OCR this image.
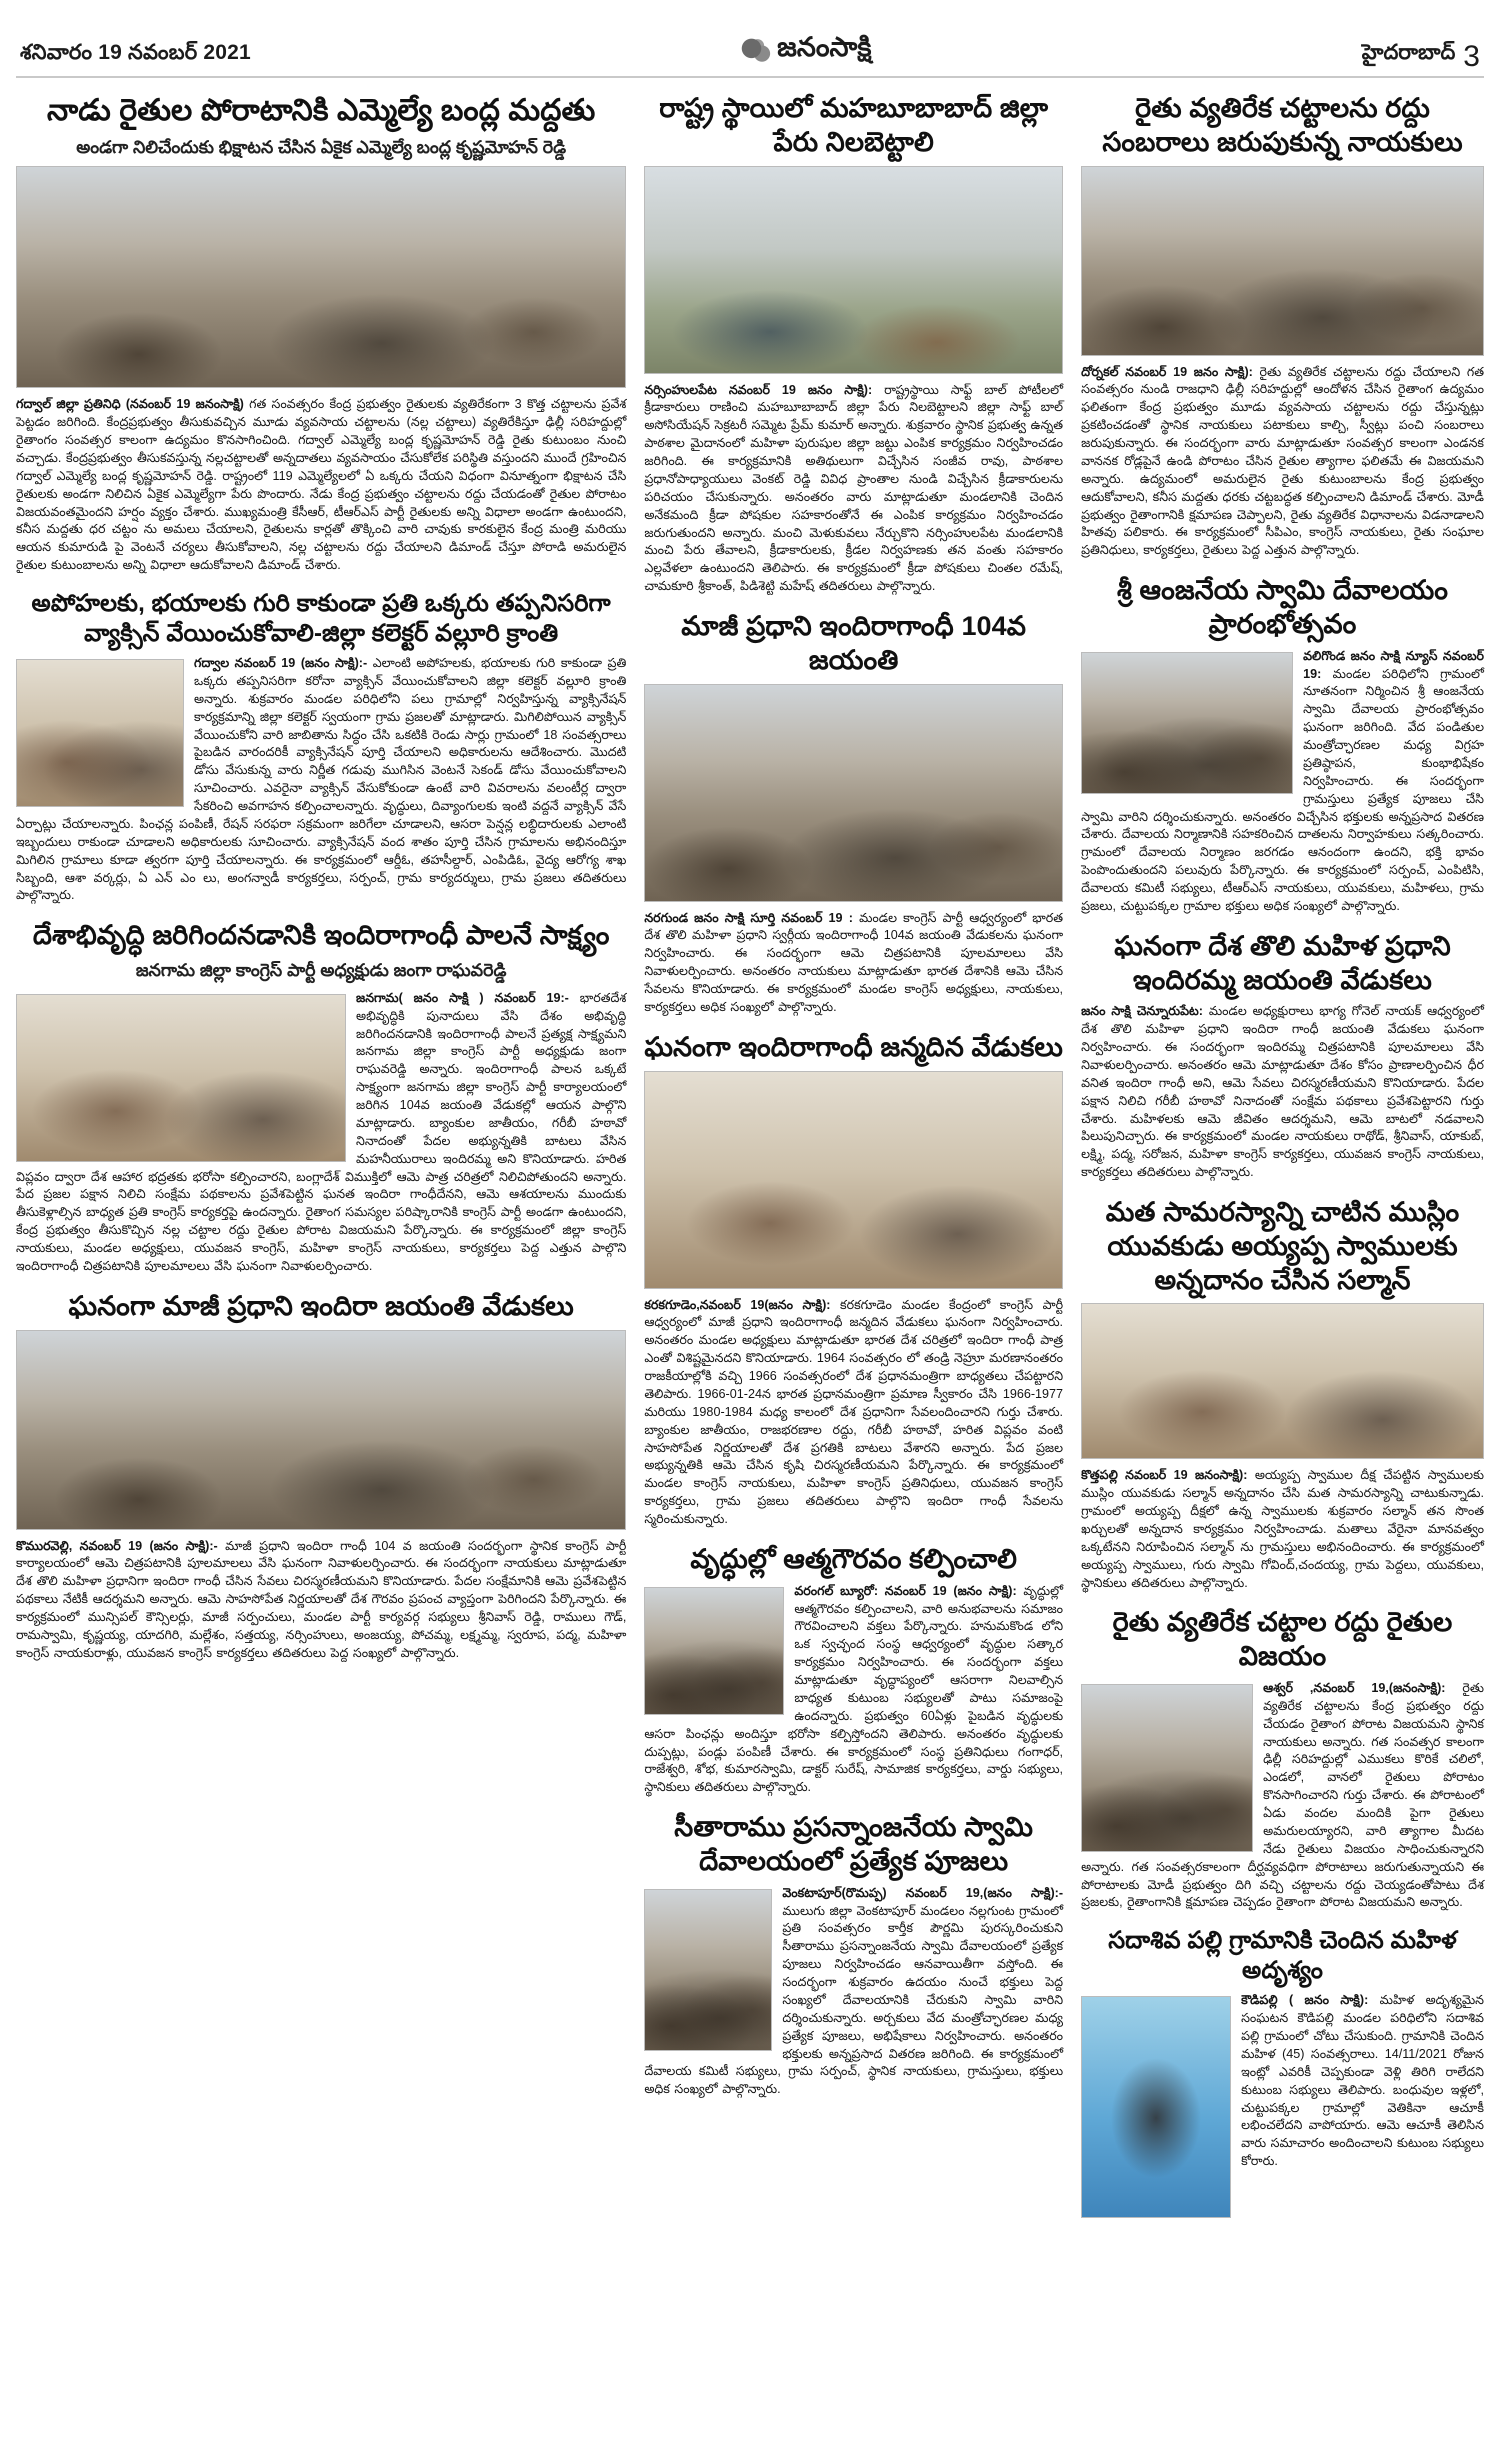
శనివారం 19 నవంబర్ 2021	జనంసాక్షి	హైదరాబాద్ 3
నాడు రైతుల పోరాటానికి ఎమ్మెల్యే బంద్ల మద్దతు
అండగా నిలిచేందుకు భిక్షాటన చేసిన ఏకైక ఎమ్మెల్యే బంద్ల కృష్ణమోహన్ రెడ్డి

గద్వాల్ జిల్లా ప్రతినిధి (నవంబర్ 19 జనంసాక్షి) గత సంవత్సరం కేంద్ర ప్రభుత్వం రైతులకు వ్యతిరేకంగా 3 కొత్త చట్టాలను ప్రవేశ పెట్టడం జరిగింది. కేంద్రప్రభుత్వం తీసుకువచ్చిన మూడు వ్యవసాయ చట్టాలను (నల్ల చట్టాలు) వ్యతిరేకిస్తూ ఢిల్లీ సరిహద్దుల్లో రైతాంగం సంవత్సర కాలంగా ఉద్యమం కొనసాగించింది. గద్వాల్ ఎమ్మెల్యే బంద్ల కృష్ణమోహన్ రెడ్డి రైతు కుటుంబం నుంచి వచ్చాడు. కేంద్రప్రభుత్వం తీసుకవస్తున్న నల్లచట్టాలతో అన్నదాతలు వ్యవసాయం చేసుకోలేక పరిస్థితి వస్తుందని ముందే గ్రహించిన గద్వాల్ ఎమ్మెల్యే బంద్ల కృష్ణమోహన్ రెడ్డి. రాష్ట్రంలో 119 ఎమ్మెల్యేలలో ఏ ఒక్కరు చేయని విధంగా వినూత్నంగా భిక్షాటన చేసి రైతులకు అండగా నిలిచిన ఏకైక ఎమ్మెల్యేగా పేరు పొందారు. నేడు కేంద్ర ప్రభుత్వం చట్టాలను రద్దు చేయడంతో రైతుల పోరాటం విజయవంతమైందని హర్షం వ్యక్తం చేశారు. ముఖ్యమంత్రి కేసీఆర్, టీఆర్ఎస్ పార్టీ రైతులకు అన్ని విధాలా అండగా ఉంటుందని, కనీస మద్దతు ధర చట్టం ను అమలు చేయాలని, రైతులను కార్లతో తొక్కించి వారి చావుకు కారకులైన కేంద్ర మంత్రి మరియు ఆయన కుమారుడి పై వెంటనే చర్యలు తీసుకోవాలని, నల్ల చట్టాలను రద్దు చేయాలని డిమాండ్ చేస్తూ పోరాడి అమరులైన రైతుల కుటుంబాలను అన్ని విధాలా ఆదుకోవాలని డిమాండ్ చేశారు.

అపోహలకు, భయాలకు గురి కాకుండా ప్రతి ఒక్కరు తప్పనిసరిగా వ్యాక్సిన్ వేయించుకోవాలి-జిల్లా కలెక్టర్ వల్లూరి క్రాంతి
గద్వాల నవంబర్ 19 (జనం సాక్షి):- ఎలాంటి అపోహలకు, భయాలకు గురి కాకుండా ప్రతి ఒక్కరు తప్పనిసరిగా కరోనా వ్యాక్సిన్ వేయించుకోవాలని జిల్లా కలెక్టర్ వల్లూరి క్రాంతి అన్నారు. శుక్రవారం మండల పరిధిలోని పలు గ్రామాల్లో నిర్వహిస్తున్న వ్యాక్సినేషన్ కార్యక్రమాన్ని జిల్లా కలెక్టర్ స్వయంగా గ్రామ ప్రజలతో మాట్లాడారు. మిగిలిపోయిన వ్యాక్సిన్ వేయించుకోని వారి జాబితాను సిద్ధం చేసి ఒకటికి రెండు సార్లు గ్రామంలో 18 సంవత్సరాలు పైబడిన వారందరికీ వ్యాక్సినేషన్ పూర్తి చేయాలని అధికారులను ఆదేశించారు. మొదటి డోసు వేసుకున్న వారు నిర్ణీత గడువు ముగిసిన వెంటనే సెకండ్ డోసు వేయించుకోవాలని సూచించారు. ఎవరైనా వ్యాక్సిన్ వేసుకోకుండా ఉంటే వారి వివరాలను వలంటీర్ల ద్వారా సేకరించి అవగాహన కల్పించాలన్నారు. వృద్ధులు, దివ్యాంగులకు ఇంటి వద్దనే వ్యాక్సిన్ వేసే ఏర్పాట్లు చేయాలన్నారు. పింఛన్ల పంపిణీ, రేషన్ సరఫరా సక్రమంగా జరిగేలా చూడాలని, ఆసరా పెన్షన్ల లబ్ధిదారులకు ఎలాంటి ఇబ్బందులు రాకుండా చూడాలని అధికారులకు సూచించారు. వ్యాక్సినేషన్ వంద శాతం పూర్తి చేసిన గ్రామాలను అభినందిస్తూ మిగిలిన గ్రామాలు కూడా త్వరగా పూర్తి చేయాలన్నారు. ఈ కార్యక్రమంలో ఆర్డీఓ, తహసీల్దార్, ఎంపిడిఓ, వైద్య ఆరోగ్య శాఖ సిబ్బంది, ఆశా వర్కర్లు, ఏ ఎన్ ఎం లు, అంగన్వాడీ కార్యకర్తలు, సర్పంచ్, గ్రామ కార్యదర్శులు, గ్రామ ప్రజలు తదితరులు పాల్గొన్నారు.
దేశాభివృద్ధి జరిగిందనడానికి ఇందిరాగాంధీ పాలనే సాక్ష్యం
జనగామ జిల్లా కాంగ్రెస్ పార్టీ అధ్యక్షుడు జంగా రాఘవరెడ్డి
జనగామ( జనం సాక్షి ) నవంబర్ 19:- భారతదేశ అభివృద్ధికి పునాదులు వేసి దేశం అభివృద్ధి జరిగిందనడానికి ఇందిరాగాంధీ పాలనే ప్రత్యక్ష సాక్ష్యమని జనగామ జిల్లా కాంగ్రెస్ పార్టీ అధ్యక్షుడు జంగా రాఘవరెడ్డి అన్నారు. ఇందిరాగాంధీ పాలన ఒక్కటే సాక్ష్యంగా జనగామ జిల్లా కాంగ్రెస్ పార్టీ కార్యాలయంలో జరిగిన 104వ జయంతి వేడుకల్లో ఆయన పాల్గొని మాట్లాడారు. బ్యాంకుల జాతీయం, గరీబీ హఠావో నినాదంతో పేదల అభ్యున్నతికి బాటలు వేసిన మహనీయురాలు ఇందిరమ్మ అని కొనియాడారు. హరిత విప్లవం ద్వారా దేశ ఆహార భద్రతకు భరోసా కల్పించారని, బంగ్లాదేశ్ విముక్తిలో ఆమె పాత్ర చరిత్రలో నిలిచిపోతుందని అన్నారు. పేద ప్రజల పక్షాన నిలిచి సంక్షేమ పథకాలను ప్రవేశపెట్టిన ఘనత ఇందిరా గాంధీదేనని, ఆమె ఆశయాలను ముందుకు తీసుకెళ్లాల్సిన బాధ్యత ప్రతి కాంగ్రెస్ కార్యకర్తపై ఉందన్నారు. రైతాంగ సమస్యల పరిష్కారానికి కాంగ్రెస్ పార్టీ అండగా ఉంటుందని, కేంద్ర ప్రభుత్వం తీసుకొచ్చిన నల్ల చట్టాల రద్దు రైతుల పోరాట విజయమని పేర్కొన్నారు. ఈ కార్యక్రమంలో జిల్లా కాంగ్రెస్ నాయకులు, మండల అధ్యక్షులు, యువజన కాంగ్రెస్, మహిళా కాంగ్రెస్ నాయకులు, కార్యకర్తలు పెద్ద ఎత్తున పాల్గొని ఇందిరాగాంధీ చిత్రపటానికి పూలమాలలు వేసి ఘనంగా నివాళులర్పించారు.
ఘనంగా మాజీ ప్రధాని ఇందిరా జయంతి వేడుకలు

కొమురవెల్లి, నవంబర్ 19 (జనం సాక్షి):- మాజీ ప్రధాని ఇందిరా గాంధీ 104 వ జయంతి సందర్భంగా స్థానిక కాంగ్రెస్ పార్టీ కార్యాలయంలో ఆమె చిత్రపటానికి పూలమాలలు వేసి ఘనంగా నివాళులర్పించారు. ఈ సందర్భంగా నాయకులు మాట్లాడుతూ దేశ తొలి మహిళా ప్రధానిగా ఇందిరా గాంధీ చేసిన సేవలు చిరస్మరణీయమని కొనియాడారు. పేదల సంక్షేమానికి ఆమె ప్రవేశపెట్టిన పథకాలు నేటికీ ఆదర్శమని అన్నారు. ఆమె సాహసోపేత నిర్ణయాలతో దేశ గౌరవం ప్రపంచ వ్యాప్తంగా పెరిగిందని పేర్కొన్నారు. ఈ కార్యక్రమంలో మున్సిపల్ కౌన్సిలర్లు, మాజీ సర్పంచులు, మండల పార్టీ కార్యవర్గ సభ్యులు శ్రీనివాస్ రెడ్డి, రాములు గౌడ్, రామస్వామి, కృష్ణయ్య, యాదగిరి, మల్లేశం, సత్తయ్య, నర్సింహులు, అంజయ్య, పోచమ్మ, లక్ష్మమ్మ, స్వరూప, పద్మ, మహిళా కాంగ్రెస్ నాయకురాళ్లు, యువజన కాంగ్రెస్ కార్యకర్తలు తదితరులు పెద్ద సంఖ్యలో పాల్గొన్నారు.

రాష్ట్ర స్థాయిలో మహబూబాబాద్ జిల్లా పేరు నిలబెట్టాలి

నర్సింహులపేట నవంబర్ 19 జనం సాక్షి): రాష్ట్రస్థాయి సాఫ్ట్ బాల్ పోటీలలో క్రీడాకారులు రాణించి మహబూబాబాద్ జిల్లా పేరు నిలబెట్టాలని జిల్లా సాఫ్ట్ బాల్ అసోసియేషన్ సెక్రటరీ సమ్మెట ప్రేమ్ కుమార్ అన్నారు. శుక్రవారం స్థానిక ప్రభుత్వ ఉన్నత పాఠశాల మైదానంలో మహిళా పురుషుల జిల్లా జట్టు ఎంపిక కార్యక్రమం నిర్వహించడం జరిగింది. ఈ కార్యక్రమానికి అతిథులుగా విచ్చేసిన సంజీవ రావు, పాఠశాల ప్రధానోపాధ్యాయులు వెంకట్ రెడ్డి వివిధ ప్రాంతాల నుండి విచ్చేసిన క్రీడాకారులను పరిచయం చేసుకున్నారు. అనంతరం వారు మాట్లాడుతూ మండలానికి చెందిన అనేకమంది క్రీడా పోషకుల సహకారంతోనే ఈ ఎంపిక కార్యక్రమం నిర్వహించడం జరుగుతుందని అన్నారు. మంచి మెళుకువలు నేర్చుకొని నర్సింహులపేట మండలానికి మంచి పేరు తేవాలని, క్రీడాకారులకు, క్రీడల నిర్వహణకు తన వంతు సహకారం ఎల్లవేళలా ఉంటుందని తెలిపారు. ఈ కార్యక్రమంలో క్రీడా పోషకులు చింతల రమేష్, చామకూరి శ్రీకాంత్, పిడిశెట్టి మహేష్ తదితరులు పాల్గొన్నారు.

మాజీ ప్రధాని ఇందిరాగాంధీ 104వ జయంతి

నరగుండ జనం సాక్షి సూర్తి నవంబర్ 19 : మండల కాంగ్రెస్ పార్టీ ఆధ్వర్యంలో భారత దేశ తొలి మహిళా ప్రధాని స్వర్గీయ ఇందిరాగాంధీ 104వ జయంతి వేడుకలను ఘనంగా నిర్వహించారు. ఈ సందర్భంగా ఆమె చిత్రపటానికి పూలమాలలు వేసి నివాళులర్పించారు. అనంతరం నాయకులు మాట్లాడుతూ భారత దేశానికి ఆమె చేసిన సేవలను కొనియాడారు. ఈ కార్యక్రమంలో మండల కాంగ్రెస్ అధ్యక్షులు, నాయకులు, కార్యకర్తలు అధిక సంఖ్యలో పాల్గొన్నారు.

ఘనంగా ఇందిరాగాంధీ జన్మదిన వేడుకలు

కరకగూడెం,నవంబర్ 19(జనం సాక్షి): కరకగూడెం మండల కేంద్రంలో కాంగ్రెస్ పార్టీ ఆధ్వర్యంలో మాజీ ప్రధాని ఇందిరాగాంధీ జన్మదిన వేడుకలు ఘనంగా నిర్వహించారు. అనంతరం మండల అధ్యక్షులు మాట్లాడుతూ భారత దేశ చరిత్రలో ఇందిరా గాంధీ పాత్ర ఎంతో విశిష్టమైనదని కొనియాడారు. 1964 సంవత్సరం లో తండ్రి నెహ్రూ మరణానంతరం రాజకీయాల్లోకి వచ్చి 1966 సంవత్సరంలో దేశ ప్రధానమంత్రిగా బాధ్యతలు చేపట్టారని తెలిపారు. 1966-01-24న భారత ప్రధానమంత్రిగా ప్రమాణ స్వీకారం చేసి 1966-1977 మరియు 1980-1984 మధ్య కాలంలో దేశ ప్రధానిగా సేవలందించారని గుర్తు చేశారు. బ్యాంకుల జాతీయం, రాజభరణాల రద్దు, గరీబీ హఠావో, హరిత విప్లవం వంటి సాహసోపేత నిర్ణయాలతో దేశ ప్రగతికి బాటలు వేశారని అన్నారు. పేద ప్రజల అభ్యున్నతికి ఆమె చేసిన కృషి చిరస్మరణీయమని పేర్కొన్నారు. ఈ కార్యక్రమంలో మండల కాంగ్రెస్ నాయకులు, మహిళా కాంగ్రెస్ ప్రతినిధులు, యువజన కాంగ్రెస్ కార్యకర్తలు, గ్రామ ప్రజలు తదితరులు పాల్గొని ఇందిరా గాంధీ సేవలను స్మరించుకున్నారు.

వృద్ధుల్లో ఆత్మగౌరవం కల్పించాలి
వరంగల్ బ్యూరో: నవంబర్ 19 (జనం సాక్షి): వృద్ధుల్లో ఆత్మగౌరవం కల్పించాలని, వారి అనుభవాలను సమాజం గౌరవించాలని వక్తలు పేర్కొన్నారు. హనుమకొండ లోని ఒక స్వచ్ఛంద సంస్థ ఆధ్వర్యంలో వృద్ధుల సత్కార కార్యక్రమం నిర్వహించారు. ఈ సందర్భంగా వక్తలు మాట్లాడుతూ వృద్ధాప్యంలో ఆసరాగా నిలవాల్సిన బాధ్యత కుటుంబ సభ్యులతో పాటు సమాజంపై ఉందన్నారు. ప్రభుత్వం 60ఏళ్లు పైబడిన వృద్ధులకు ఆసరా పింఛన్లు అందిస్తూ భరోసా కల్పిస్తోందని తెలిపారు. అనంతరం వృద్ధులకు దుప్పట్లు, పండ్లు పంపిణీ చేశారు. ఈ కార్యక్రమంలో సంస్థ ప్రతినిధులు గంగాధర్, రాజేశ్వరి, శోభ, కుమారస్వామి, డాక్టర్ సురేష్, సామాజిక కార్యకర్తలు, వార్డు సభ్యులు, స్థానికులు తదితరులు పాల్గొన్నారు.
సీతారాము ప్రసన్నాంజనేయ స్వామి దేవాలయంలో ప్రత్యేక పూజలు
వెంకటాపూర్(రొమప్ప) నవంబర్ 19,(జనం సాక్షి):- ములుగు జిల్లా వెంకటాపూర్ మండలం నల్లగుంట గ్రామంలో ప్రతి సంవత్సరం కార్తీక పౌర్ణమి పురస్కరించుకుని సీతారాము ప్రసన్నాంజనేయ స్వామి దేవాలయంలో ప్రత్యేక పూజలు నిర్వహించడం ఆనవాయితీగా వస్తోంది. ఈ సందర్భంగా శుక్రవారం ఉదయం నుంచే భక్తులు పెద్ద సంఖ్యలో దేవాలయానికి చేరుకుని స్వామి వారిని దర్శించుకున్నారు. అర్చకులు వేద మంత్రోచ్ఛారణల మధ్య ప్రత్యేక పూజలు, అభిషేకాలు నిర్వహించారు. అనంతరం భక్తులకు అన్నప్రసాద వితరణ జరిగింది. ఈ కార్యక్రమంలో దేవాలయ కమిటీ సభ్యులు, గ్రామ సర్పంచ్, స్థానిక నాయకులు, గ్రామస్తులు, భక్తులు అధిక సంఖ్యలో పాల్గొన్నారు.
రైతు వ్యతిరేక చట్టాలను రద్దు సంబరాలు జరుపుకున్న నాయకులు

దోర్నకల్ నవంబర్ 19 జనం సాక్షి): రైతు వ్యతిరేక చట్టాలను రద్దు చేయాలని గత సంవత్సరం నుండి రాజధాని ఢిల్లీ సరిహద్దుల్లో ఆందోళన చేసిన రైతాంగ ఉద్యమం ఫలితంగా కేంద్ర ప్రభుత్వం మూడు వ్యవసాయ చట్టాలను రద్దు చేస్తున్నట్లు ప్రకటించడంతో స్థానిక నాయకులు పటాకులు కాల్చి, స్వీట్లు పంచి సంబరాలు జరుపుకున్నారు. ఈ సందర్భంగా వారు మాట్లాడుతూ సంవత్సర కాలంగా ఎండనక వాననక రోడ్లపైనే ఉండి పోరాటం చేసిన రైతుల త్యాగాల ఫలితమే ఈ విజయమని అన్నారు. ఉద్యమంలో అమరులైన రైతు కుటుంబాలను కేంద్ర ప్రభుత్వం ఆదుకోవాలని, కనీస మద్దతు ధరకు చట్టబద్ధత కల్పించాలని డిమాండ్ చేశారు. మోడీ ప్రభుత్వం రైతాంగానికి క్షమాపణ చెప్పాలని, రైతు వ్యతిరేక విధానాలను విడనాడాలని హితవు పలికారు. ఈ కార్యక్రమంలో సీపిఎం, కాంగ్రెస్ నాయకులు, రైతు సంఘాల ప్రతినిధులు, కార్యకర్తలు, రైతులు పెద్ద ఎత్తున పాల్గొన్నారు.

శ్రీ ఆంజనేయ స్వామి దేవాలయం ప్రారంభోత్సవం
వలిగొండ జనం సాక్షి న్యూస్ నవంబర్ 19: మండల పరిధిలోని గ్రామంలో నూతనంగా నిర్మించిన శ్రీ ఆంజనేయ స్వామి దేవాలయ ప్రారంభోత్సవం ఘనంగా జరిగింది. వేద పండితుల మంత్రోచ్ఛారణల మధ్య విగ్రహ ప్రతిష్ఠాపన, కుంభాభిషేకం నిర్వహించారు. ఈ సందర్భంగా గ్రామస్తులు ప్రత్యేక పూజలు చేసి స్వామి వారిని దర్శించుకున్నారు. అనంతరం విచ్చేసిన భక్తులకు అన్నప్రసాద వితరణ చేశారు. దేవాలయ నిర్మాణానికి సహకరించిన దాతలను నిర్వాహకులు సత్కరించారు. గ్రామంలో దేవాలయ నిర్మాణం జరగడం ఆనందంగా ఉందని, భక్తి భావం పెంపొందుతుందని పలువురు పేర్కొన్నారు. ఈ కార్యక్రమంలో సర్పంచ్, ఎంపిటిసి, దేవాలయ కమిటీ సభ్యులు, టీఆర్ఎస్ నాయకులు, యువకులు, మహిళలు, గ్రామ ప్రజలు, చుట్టుపక్కల గ్రామాల భక్తులు అధిక సంఖ్యలో పాల్గొన్నారు.
ఘనంగా దేశ తొలి మహిళ ప్రధాని ఇందిరమ్మ జయంతి వేడుకలు

జనం సాక్షి చెన్నూరుపేట: మండల అధ్యక్షురాలు భాగ్య గోనెల్ నాయక్ ఆధ్వర్యంలో దేశ తొలి మహిళా ప్రధాని ఇందిరా గాంధీ జయంతి వేడుకలు ఘనంగా నిర్వహించారు. ఈ సందర్భంగా ఇందిరమ్మ చిత్రపటానికి పూలమాలలు వేసి నివాళులర్పించారు. అనంతరం ఆమె మాట్లాడుతూ దేశం కోసం ప్రాణాలర్పించిన ధీర వనిత ఇందిరా గాంధీ అని, ఆమె సేవలు చిరస్మరణీయమని కొనియాడారు. పేదల పక్షాన నిలిచి గరీబీ హఠావో నినాదంతో సంక్షేమ పథకాలు ప్రవేశపెట్టారని గుర్తు చేశారు. మహిళలకు ఆమె జీవితం ఆదర్శమని, ఆమె బాటలో నడవాలని పిలుపునిచ్చారు. ఈ కార్యక్రమంలో మండల నాయకులు రాథోడ్, శ్రీనివాస్, యాకుబ్, లక్ష్మి, పద్మ, సరోజన, మహిళా కాంగ్రెస్ కార్యకర్తలు, యువజన కాంగ్రెస్ నాయకులు, కార్యకర్తలు తదితరులు పాల్గొన్నారు.

మత సామరస్యాన్ని చాటిన ముస్లిం యువకుడు అయ్యప్ప స్వాములకు అన్నదానం చేసిన సల్మాన్

కొత్తపల్లి నవంబర్ 19 జనంసాక్షి): అయ్యప్ప స్వాముల దీక్ష చేపట్టిన స్వాములకు ముస్లిం యువకుడు సల్మాన్ అన్నదానం చేసి మత సామరస్యాన్ని చాటుకున్నాడు. గ్రామంలో అయ్యప్ప దీక్షలో ఉన్న స్వాములకు శుక్రవారం సల్మాన్ తన సొంత ఖర్చులతో అన్నదాన కార్యక్రమం నిర్వహించాడు. మతాలు వేరైనా మానవత్వం ఒక్కటేనని నిరూపించిన సల్మాన్ ను గ్రామస్తులు అభినందించారు. ఈ కార్యక్రమంలో అయ్యప్ప స్వాములు, గురు స్వామి గోవింద్,చందయ్య, గ్రామ పెద్దలు, యువకులు, స్థానికులు తదితరులు పాల్గొన్నారు.

రైతు వ్యతిరేక చట్టాల రద్దు రైతుల విజయం
ఆశ్వర్ ,నవంబర్ 19,(జనంసాక్షి): రైతు వ్యతిరేక చట్టాలను కేంద్ర ప్రభుత్వం రద్దు చేయడం రైతాంగ పోరాట విజయమని స్థానిక నాయకులు అన్నారు. గత సంవత్సర కాలంగా ఢిల్లీ సరిహద్దుల్లో ఎముకలు కొరికే చలిలో, ఎండలో, వానలో రైతులు పోరాటం కొనసాగించారని గుర్తు చేశారు. ఈ పోరాటంలో ఏడు వందల మందికి పైగా రైతులు అమరులయ్యారని, వారి త్యాగాల మీదట నేడు రైతులు విజయం సాధించుకున్నారని అన్నారు. గత సంవత్సరకాలంగా దీర్ఘవ్యవధిగా పోరాటాలు జరుగుతున్నాయని ఈ పోరాటాలకు మోడీ ప్రభుత్వం దిగి వచ్చి చట్టాలను రద్దు చెయ్యడంతోపాటు దేశ ప్రజలకు, రైతాంగానికి క్షమాపణ చెప్పడం రైతాంగా పోరాట విజయమని అన్నారు.
సదాశివ పల్లి గ్రామానికి చెందిన మహిళ అదృశ్యం
కౌడిపల్లి ( జనం సాక్షి): మహిళ అదృశ్యమైన సంఘటన కౌడిపల్లి మండల పరిధిలోని సదాశివ పల్లి గ్రామంలో చోటు చేసుకుంది. గ్రామానికి చెందిన మహిళ (45) సంవత్సరాలు. 14/11/2021 రోజున ఇంట్లో ఎవరికీ చెప్పకుండా వెళ్లి తిరిగి రాలేదని కుటుంబ సభ్యులు తెలిపారు. బంధువుల ఇళ్లలో, చుట్టుపక్కల గ్రామాల్లో వెతికినా ఆచూకీ లభించలేదని వాపోయారు. ఆమె ఆచూకీ తెలిసిన వారు సమాచారం అందించాలని కుటుంబ సభ్యులు కోరారు.
